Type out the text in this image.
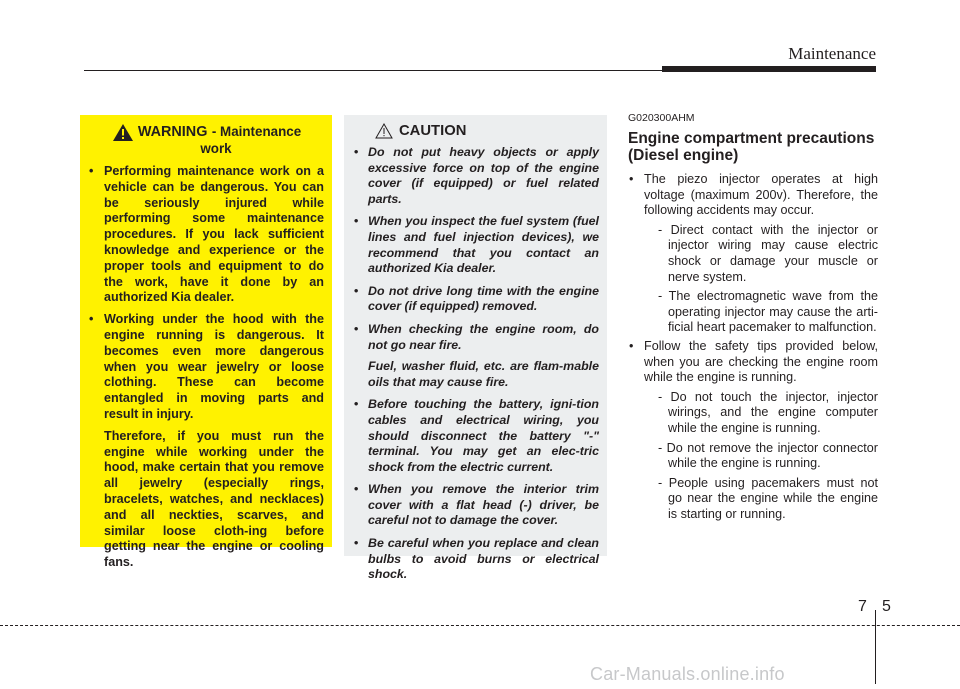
Maintenance
WARNING - Maintenance
work
• Performing maintenance work on a vehicle can be dangerous. You can be seriously injured while performing some maintenance procedures. If you lack sufficient knowledge and experience or the proper tools and equipment to do the work, have it done by an authorized Kia dealer.
• Working under the hood with the engine running is dangerous. It becomes even more dangerous when you wear jewelry or loose clothing. These can become entangled in moving parts and result in injury.

Therefore, if you must run the engine while working under the hood, make certain that you remove all jewelry (especially rings, bracelets, watches, and necklaces) and all neckties, scarves, and similar loose cloth-ing before getting near the engine or cooling fans.

CAUTION
• Do not put heavy objects or apply excessive force on top of the engine cover (if equipped) or fuel related parts.
• When you inspect the fuel system (fuel lines and fuel injection devices), we recommend that you contact an authorized Kia dealer.
• Do not drive long time with the engine cover (if equipped) removed.
• When checking the engine room, do not go near fire.

Fuel, washer fluid, etc. are flam-mable oils that may cause fire.

• Before touching the battery, igni-tion cables and electrical wiring, you should disconnect the battery "-" terminal. You may get an elec-tric shock from the electric current.
• When you remove the interior trim cover with a flat head (-) driver, be careful not to damage the cover.
• Be careful when you replace and clean bulbs to avoid burns or electrical shock.
G020300AHM
Engine compartment precautions
(Diesel engine)
• The piezo injector operates at high voltage (maximum 200v). Therefore, the following accidents may occur.
- Direct contact with the injector or injector wiring may cause electric shock or damage your muscle or nerve system.
- The electromagnetic wave from the operating injector may cause the arti-ficial heart pacemaker to malfunction.
• Follow the safety tips provided below, when you are checking the engine room while the engine is running.
- Do not touch the injector, injector wirings, and the engine computer while the engine is running.
- Do not remove the injector connector while the engine is running.
- People using pacemakers must not go near the engine while the engine is starting or running.
7 5
Car-Manuals.online.info
